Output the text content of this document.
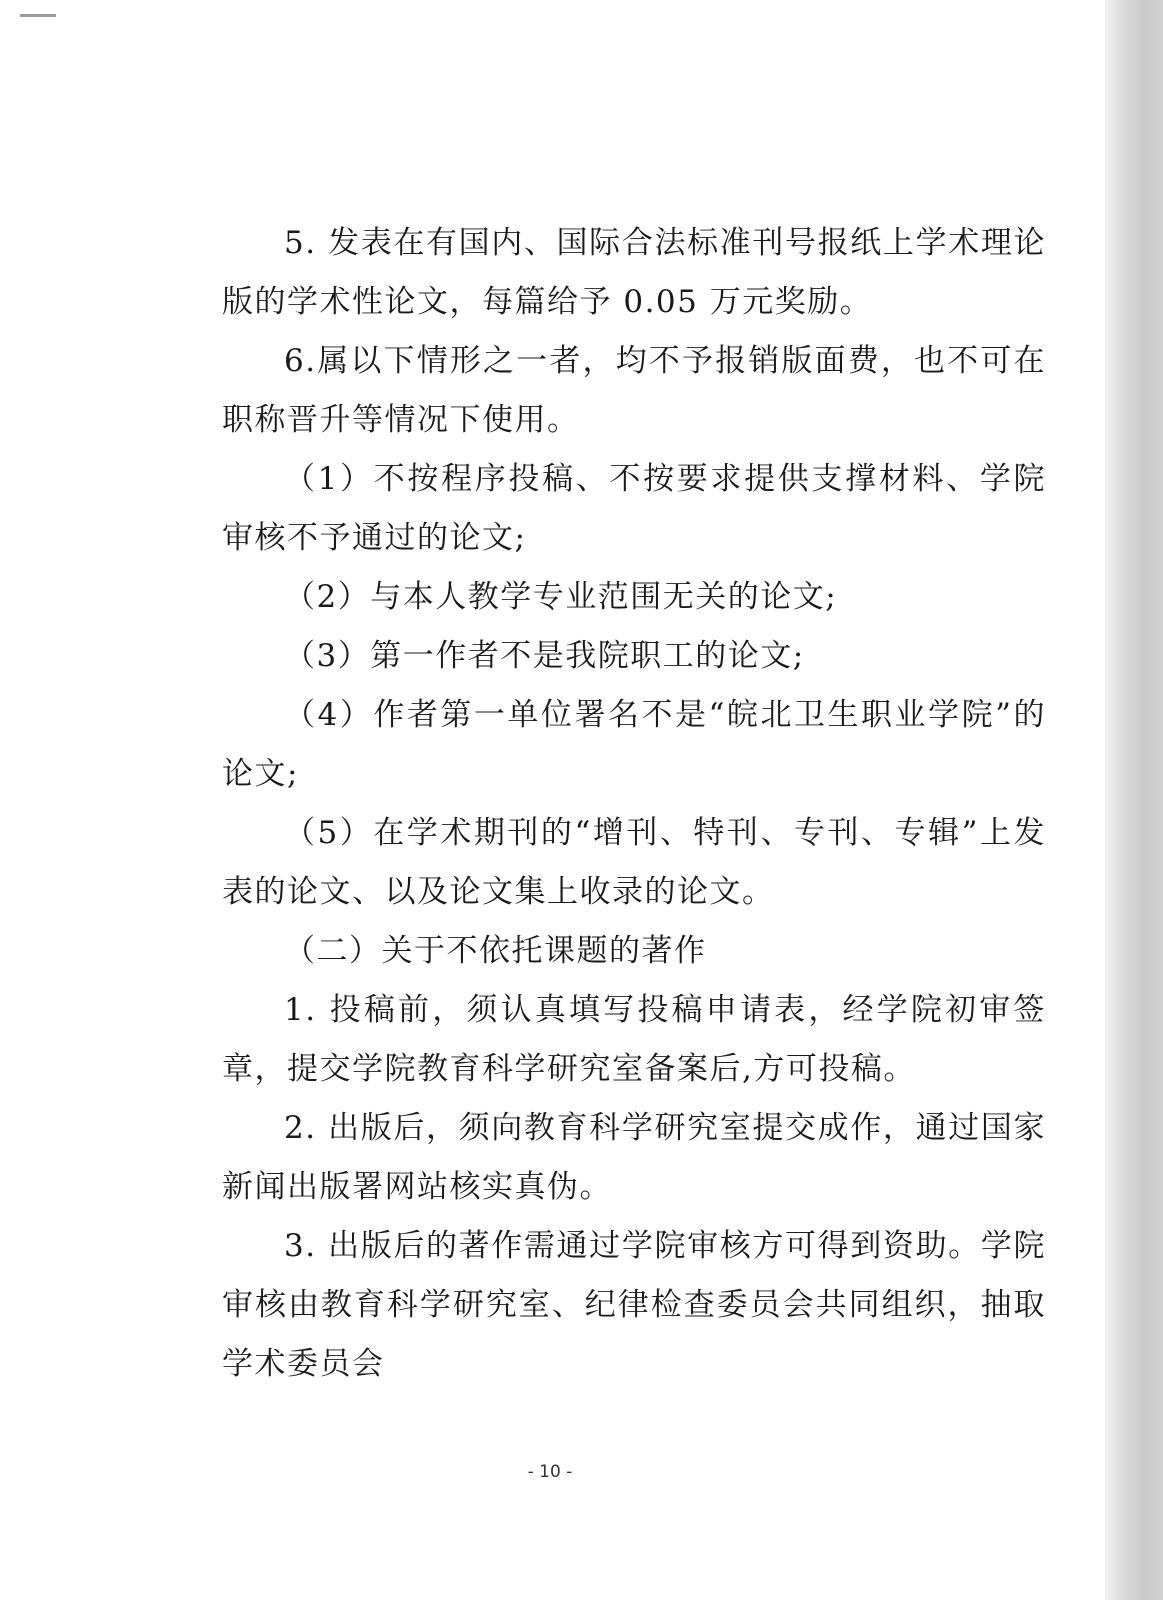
5. 发表在有国内、国际合法标准刊号报纸上学术理论版的学术性论文，每篇给予 0.05 万元奖励。

6.属以下情形之一者，均不予报销版面费，也不可在职称晋升等情况下使用。

（1）不按程序投稿、不按要求提供支撑材料、学院审核不予通过的论文;

（2）与本人教学专业范围无关的论文;

（3）第一作者不是我院职工的论文;

（4）作者第一单位署名不是“皖北卫生职业学院”的论文;

（5）在学术期刊的“增刊、特刊、专刊、专辑”上发表的论文、以及论文集上收录的论文。

（二）关于不依托课题的著作

1. 投稿前，须认真填写投稿申请表，经学院初审签章，提交学院教育科学研究室备案后,方可投稿。

2. 出版后，须向教育科学研究室提交成作，通过国家新闻出版署网站核实真伪。

3. 出版后的著作需通过学院审核方可得到资助。学院审核由教育科学研究室、纪律检查委员会共同组织，抽取学术委员会

- 10 -
